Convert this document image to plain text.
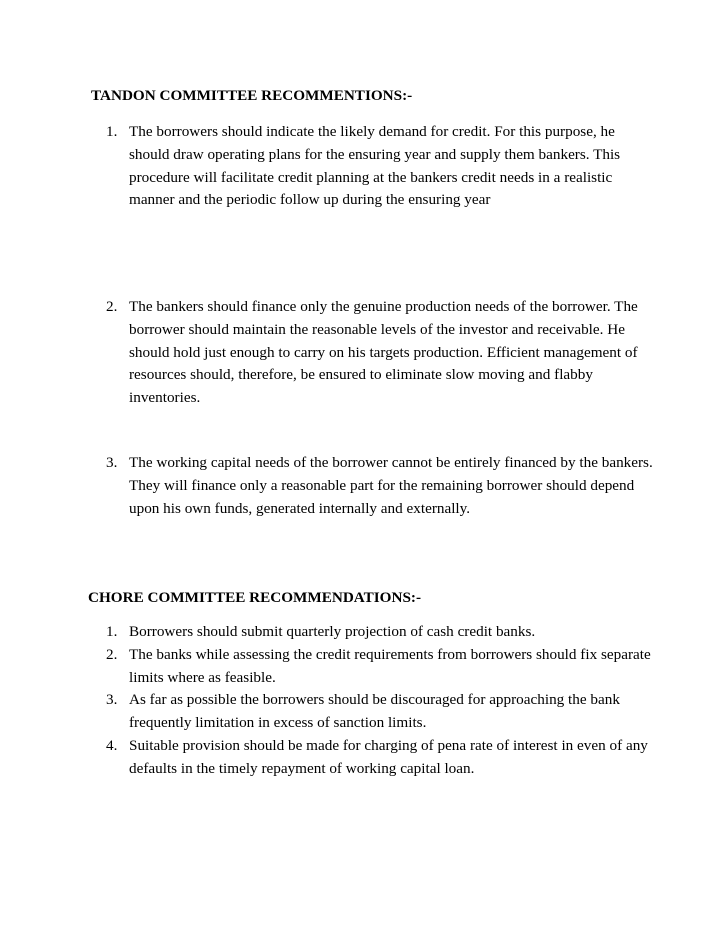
TANDON COMMITTEE RECOMMENTIONS:-
1. The borrowers should indicate the likely demand for credit. For this purpose, he should draw operating plans for the ensuring year and supply them bankers. This procedure will facilitate credit planning at the bankers credit needs in a realistic manner and the periodic follow up during the ensuring year
2. The bankers should finance only the genuine production needs of the borrower. The borrower should maintain the reasonable levels of the investor and receivable. He should hold just enough to carry on his targets production. Efficient management of resources should, therefore, be ensured to eliminate slow moving and flabby inventories.
3. The working capital needs of the borrower cannot be entirely financed by the bankers. They will finance only a reasonable part for the remaining borrower should depend upon his own funds, generated internally and externally.
CHORE COMMITTEE RECOMMENDATIONS:-
1. Borrowers should submit quarterly projection of cash credit banks.
2. The banks while assessing the credit requirements from borrowers should fix separate limits where as feasible.
3. As far as possible the borrowers should be discouraged for approaching the bank frequently limitation in excess of sanction limits.
4. Suitable provision should be made for charging of pena rate of interest in even of any defaults in the timely repayment of working capital loan.
